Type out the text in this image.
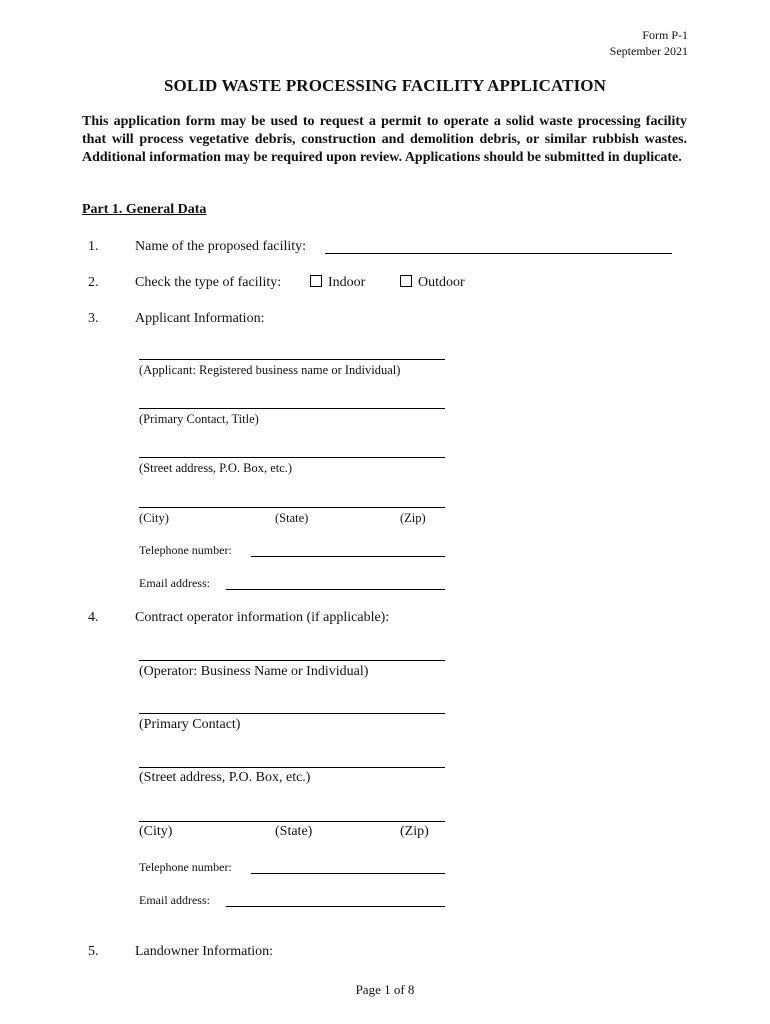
Form P-1
September 2021
SOLID WASTE PROCESSING FACILITY APPLICATION
This application form may be used to request a permit to operate a solid waste processing facility that will process vegetative debris, construction and demolition debris, or similar rubbish wastes. Additional information may be required upon review. Applications should be submitted in duplicate.
Part 1. General Data
1.	Name of the proposed facility:
2.	Check the type of facility:	Indoor	Outdoor
3.	Applicant Information:
(Applicant: Registered business name or Individual)
(Primary Contact, Title)
(Street address, P.O. Box, etc.)
(City)	(State)	(Zip)
Telephone number:
Email address:
4.	Contract operator information (if applicable):
(Operator: Business Name or Individual)
(Primary Contact)
(Street address, P.O. Box, etc.)
(City)	(State)	(Zip)
Telephone number:
Email address:
5.	Landowner Information:
Page 1 of 8
